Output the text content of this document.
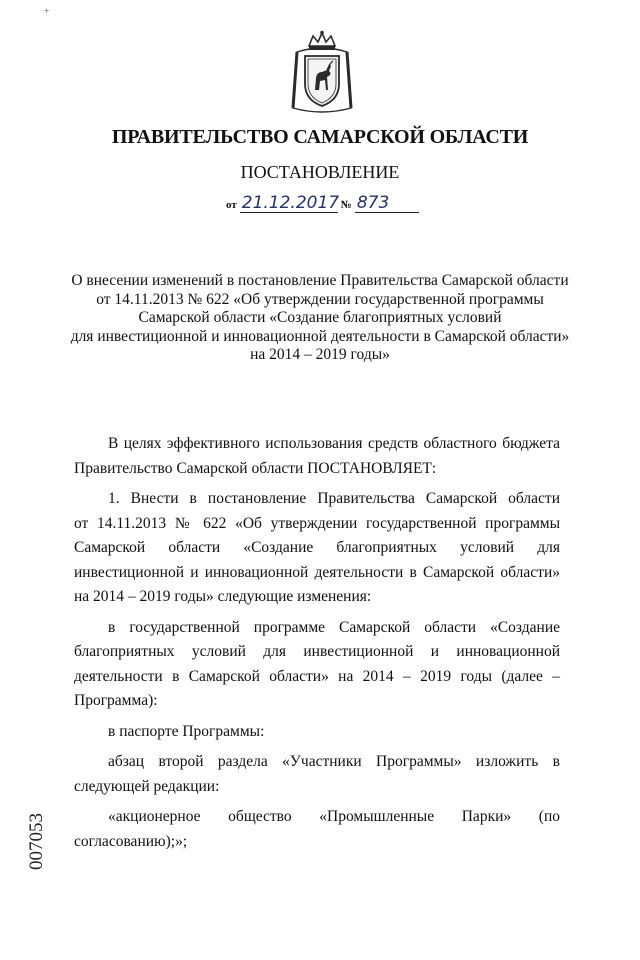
+
ПРАВИТЕЛЬСТВО САМАРСКОЙ ОБЛАСТИ
ПОСТАНОВЛЕНИЕ
от 21.12.2017 № 873
О внесении изменений в постановление Правительства Самарской области
от 14.11.2013 № 622 «Об утверждении государственной программы
Самарской области «Создание благоприятных условий
для инвестиционной и инновационной деятельности в Самарской области»
на 2014 – 2019 годы»
В целях эффективного использования средств областного бюджета
Правительство Самарской области ПОСТАНОВЛЯЕТ:
1. Внести в постановление Правительства Самарской области
от 14.11.2013 № 622 «Об утверждении государственной программы
Самарской области «Создание благоприятных условий для
инвестиционной и инновационной деятельности в Самарской области»
на 2014 – 2019 годы» следующие изменения:
в государственной программе Самарской области «Создание
благоприятных условий для инвестиционной и инновационной
деятельности в Самарской области» на 2014 – 2019 годы (далее –
Программа):
в паспорте Программы:
абзац второй раздела «Участники Программы» изложить в
следующей редакции:
«акционерное общество «Промышленные Парки» (по
согласованию);»;
007053
